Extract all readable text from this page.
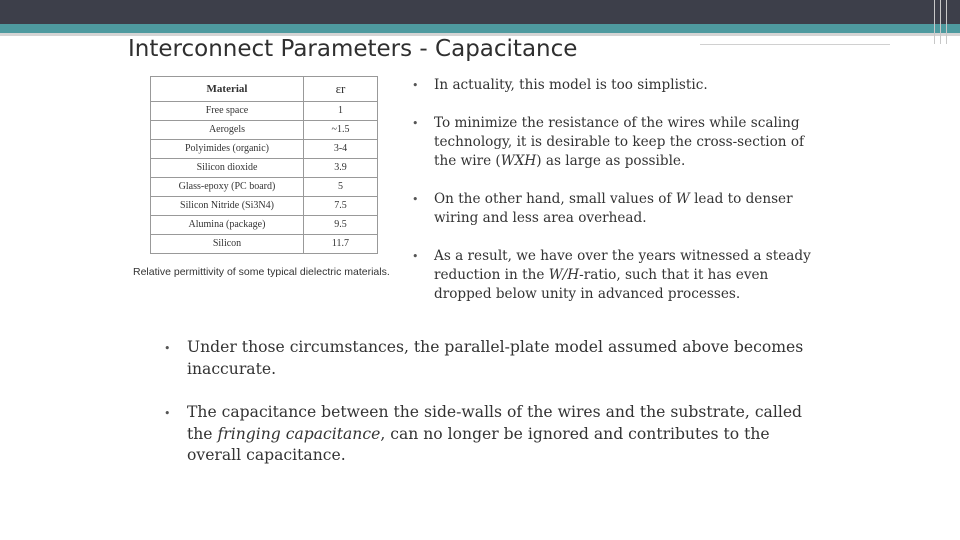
Interconnect Parameters - Capacitance
Material	εr
Free space	1
Aerogels	~1.5
Polyimides (organic)	3-4
Silicon dioxide	3.9
Glass-epoxy (PC board)	5
Silicon Nitride (Si3N4)	7.5
Alumina (package)	9.5
Silicon	11.7
Relative permittivity of some typical dielectric materials.
• In actuality, this model is too simplistic.
• To minimize the resistance of the wires while scaling technology, it is desirable to keep the cross-section of the wire (WXH) as large as possible.
• On the other hand, small values of W lead to denser wiring and less area overhead.
• As a result, we have over the years witnessed a steady reduction in the W/H-ratio, such that it has even dropped below unity in advanced processes.
• Under those circumstances, the parallel-plate model assumed above becomes inaccurate.
• The capacitance between the side-walls of the wires and the substrate, called the fringing capacitance, can no longer be ignored and contributes to the overall capacitance.
